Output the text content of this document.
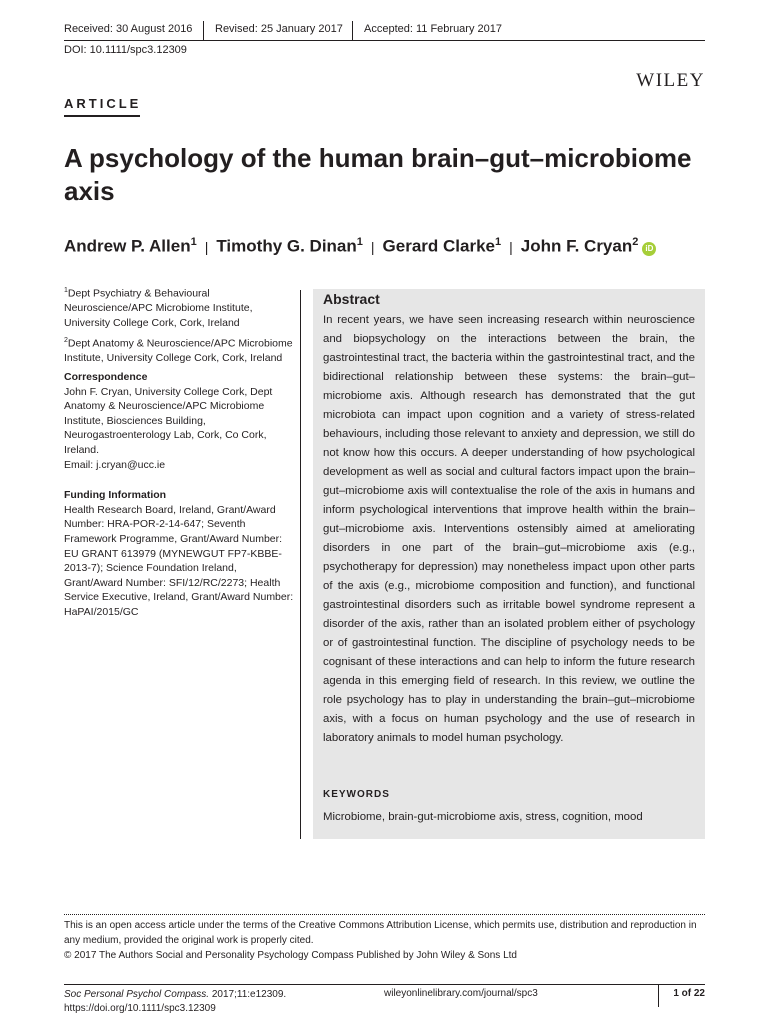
Received: 30 August 2016 Revised: 25 January 2017 Accepted: 11 February 2017
DOI: 10.1111/spc3.12309
WILEY
ARTICLE
A psychology of the human brain–gut–microbiome axis
Andrew P. Allen$^1$ | Timothy G. Dinan$^1$ | Gerard Clarke$^1$ | John F. Cryan$^2$iD

$^1$Dept Psychiatry & Behavioural Neuroscience/APC Microbiome Institute, University College Cork, Cork, Ireland

$^2$Dept Anatomy & Neuroscience/APC Microbiome Institute, University College Cork, Cork, Ireland

Correspondence

John F. Cryan, University College Cork, Dept Anatomy & Neuroscience/APC Microbiome Institute, Biosciences Building, Neurogastroenterology Lab, Cork, Co Cork, Ireland.

Email: j.cryan@ucc.ie

Funding Information

Health Research Board, Ireland, Grant/Award Number: HRA-POR-2-14-647; Seventh Framework Programme, Grant/Award Number: EU GRANT 613979 (MYNEWGUT FP7-KBBE-2013-7); Science Foundation Ireland, Grant/Award Number: SFI/12/RC/2273; Health Service Executive, Ireland, Grant/Award Number: HaPAI/2015/GC

Abstract
In recent years, we have seen increasing research within neuroscience and biopsychology on the interactions between the brain, the gastrointestinal tract, the bacteria within the gastrointestinal tract, and the bidirectional relationship between these systems: the brain–gut–microbiome axis. Although research has demonstrated that the gut microbiota can impact upon cognition and a variety of stress-related behaviours, including those relevant to anxiety and depression, we still do not know how this occurs. A deeper understanding of how psychological development as well as social and cultural factors impact upon the brain–gut–microbiome axis will contextualise the role of the axis in humans and inform psychological interventions that improve health within the brain–gut–microbiome axis. Interventions ostensibly aimed at ameliorating disorders in one part of the brain–gut–microbiome axis (e.g., psychotherapy for depression) may nonetheless impact upon other parts of the axis (e.g., microbiome composition and function), and functional gastrointestinal disorders such as irritable bowel syndrome represent a disorder of the axis, rather than an isolated problem either of psychology or of gastrointestinal function. The discipline of psychology needs to be cognisant of these interactions and can help to inform the future research agenda in this emerging field of research. In this review, we outline the role psychology has to play in understanding the brain–gut–microbiome axis, with a focus on human psychology and the use of research in laboratory animals to model human psychology.
KEYWORDS
Microbiome, brain-gut-microbiome axis, stress, cognition, mood
This is an open access article under the terms of the Creative Commons Attribution License, which permits use, distribution and reproduction in any medium, provided the original work is properly cited.
© 2017 The Authors Social and Personality Psychology Compass Published by John Wiley & Sons Ltd
Soc Personal Psychol Compass. 2017;11:e12309.
https://doi.org/10.1111/spc3.12309
wileyonlinelibrary.com/journal/spc3	1 of 22
